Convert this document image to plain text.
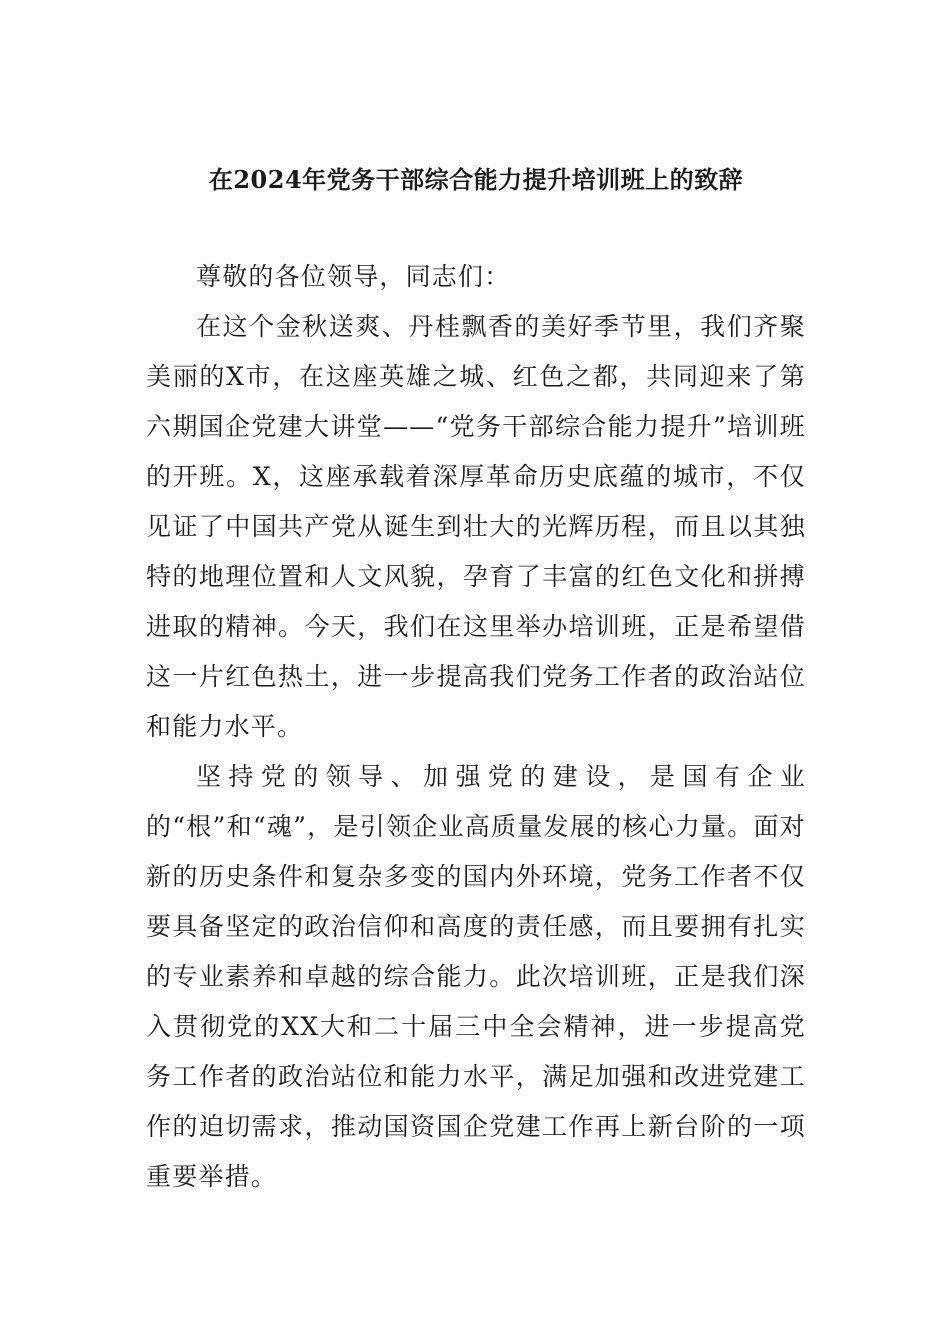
在2024年党务干部综合能力提升培训班上的致辞

尊敬的各位领导，同志们：

在这个金秋送爽、丹桂飘香的美好季节里，我们齐聚美丽的X市，在这座英雄之城、红色之都，共同迎来了第六期国企党建大讲堂——“党务干部综合能力提升”培训班的开班。X，这座承载着深厚革命历史底蕴的城市，不仅见证了中国共产党从诞生到壮大的光辉历程，而且以其独特的地理位置和人文风貌，孕育了丰富的红色文化和拼搏进取的精神。今天，我们在这里举办培训班，正是希望借这一片红色热土，进一步提高我们党务工作者的政治站位和能力水平。

坚持党的领导、加强党的建设，是国有企业的“根”和“魂”，是引领企业高质量发展的核心力量。面对新的历史条件和复杂多变的国内外环境，党务工作者不仅要具备坚定的政治信仰和高度的责任感，而且要拥有扎实的专业素养和卓越的综合能力。此次培训班，正是我们深入贯彻党的XX大和二十届三中全会精神，进一步提高党务工作者的政治站位和能力水平，满足加强和改进党建工作的迫切需求，推动国资国企党建工作再上新台阶的一项重要举措。
